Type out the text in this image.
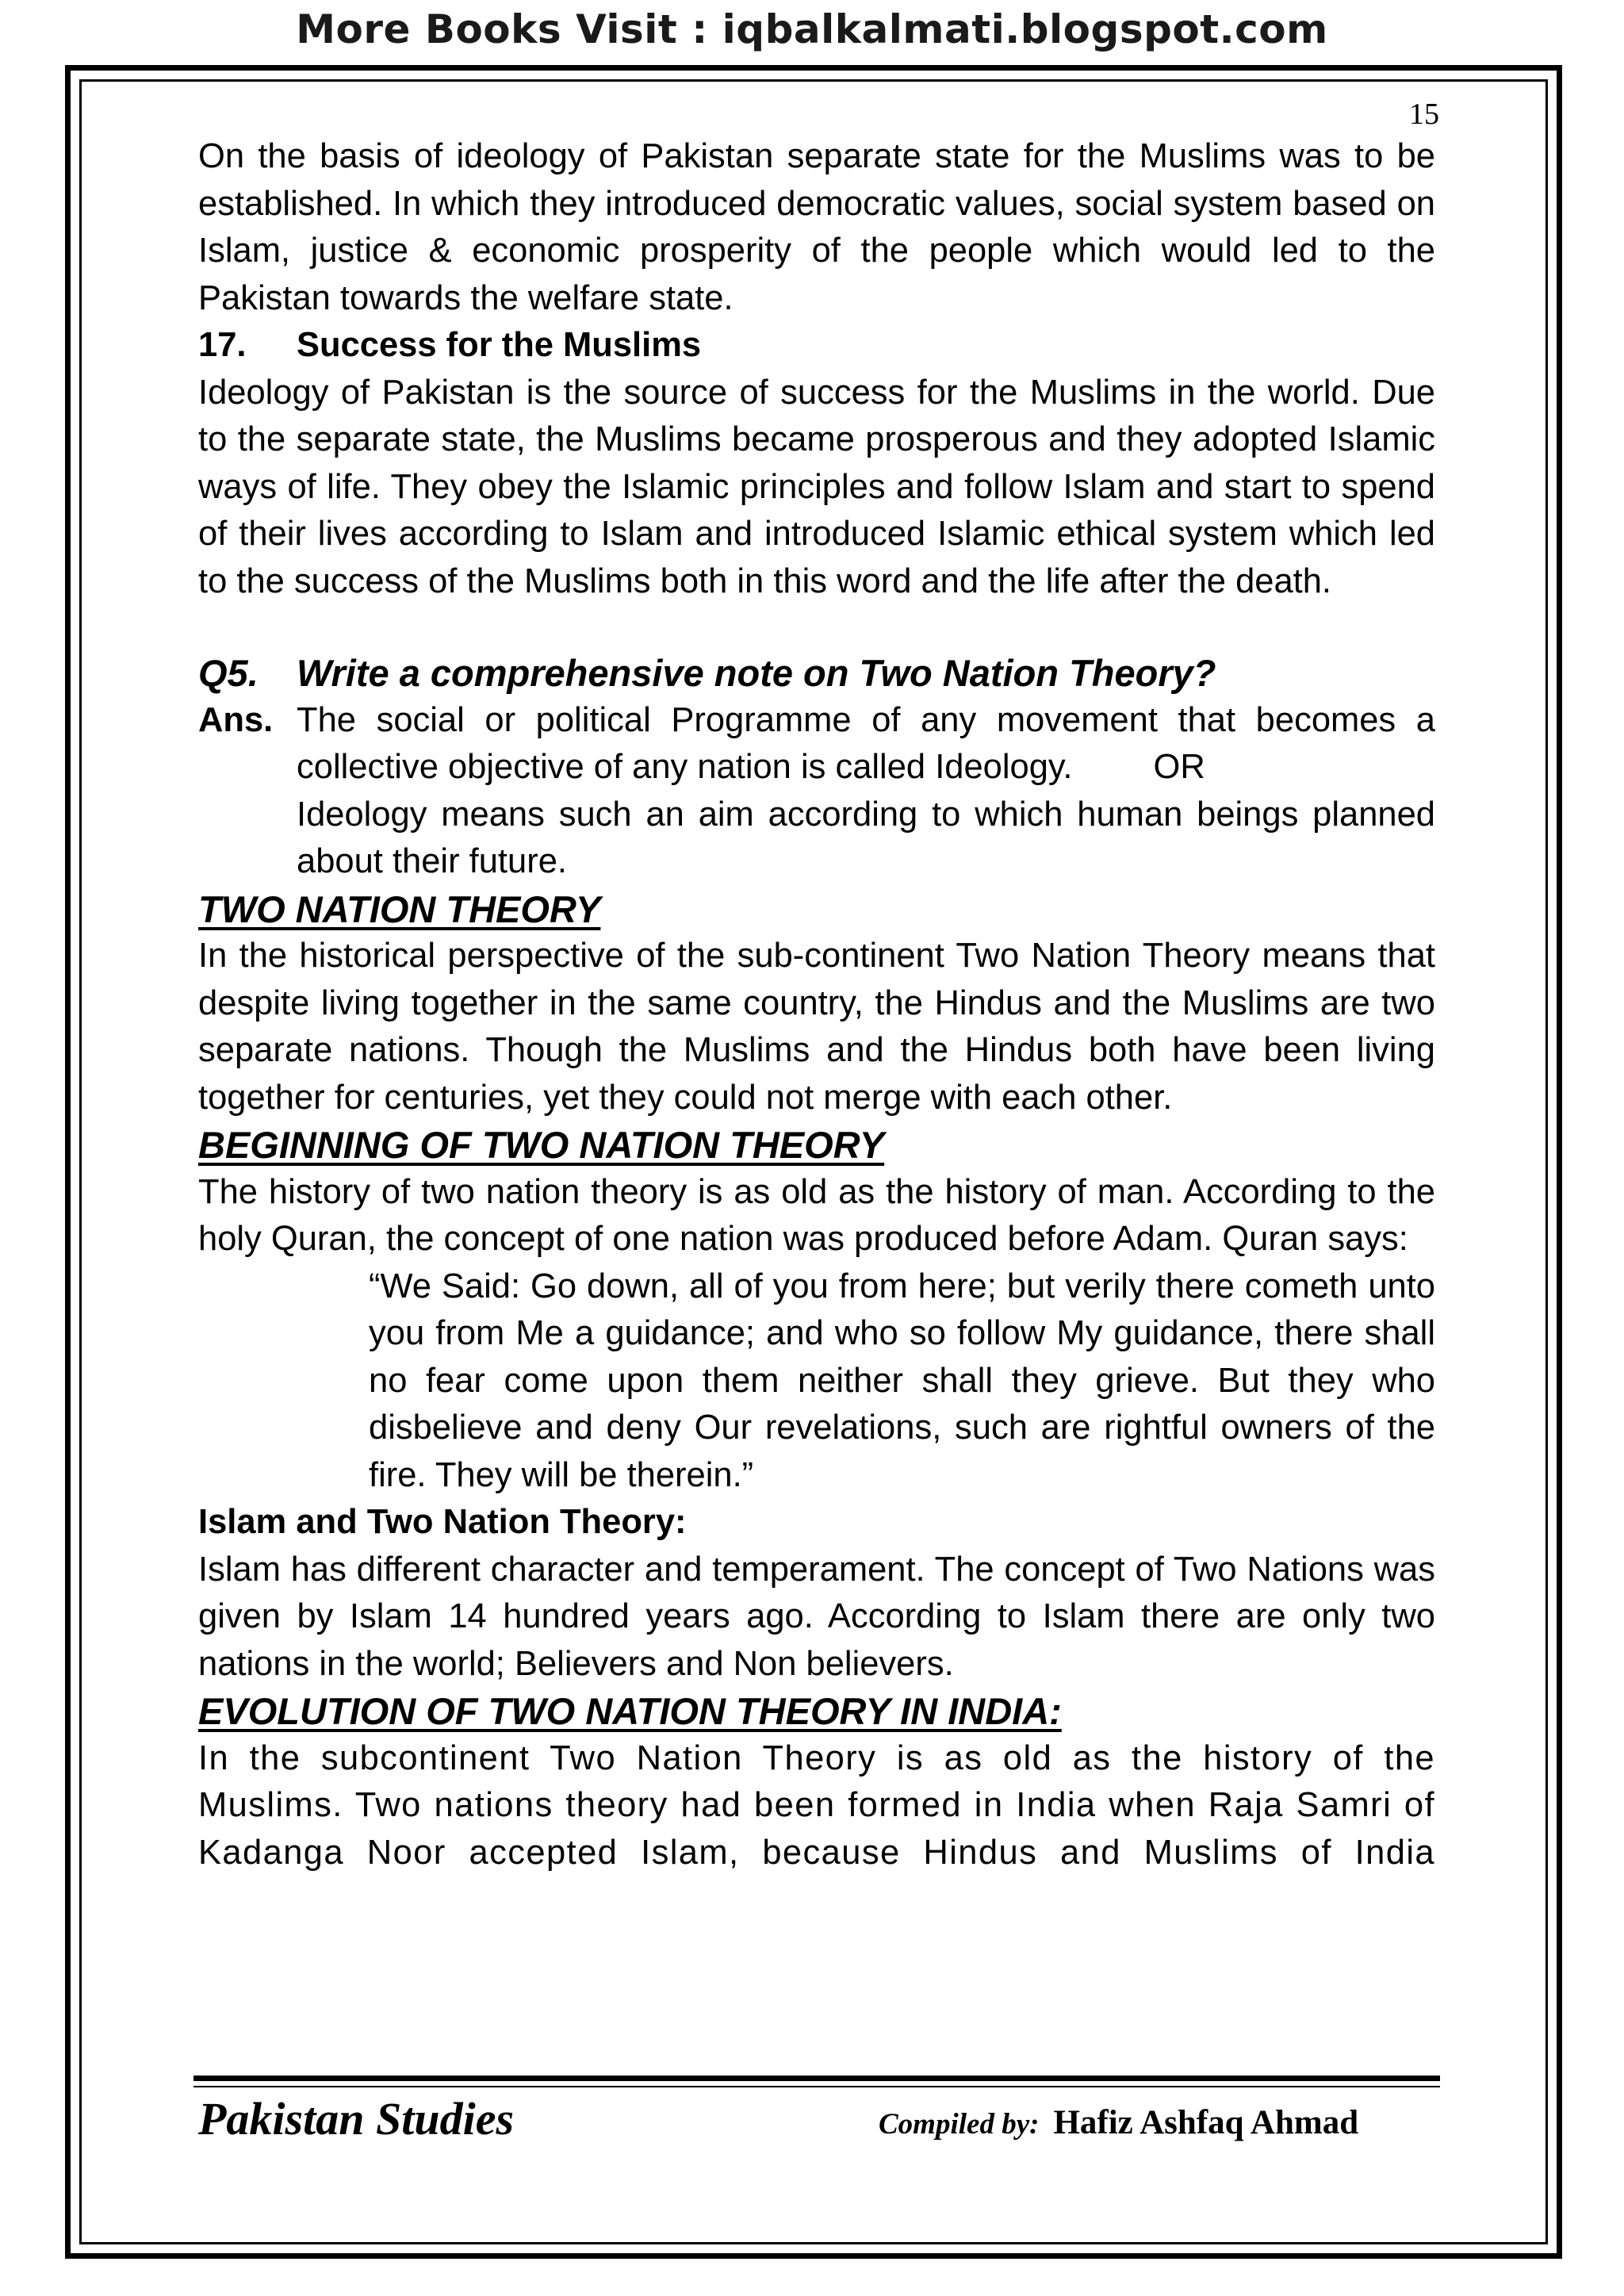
More Books Visit : iqbalkalmati.blogspot.com
15

On the basis of ideology of Pakistan separate state for the Muslims was to be established. In which they introduced democratic values, social system based on Islam, justice & economic prosperity of the people which would led to the Pakistan towards the welfare state.

17.	Success for the Muslims

Ideology of Pakistan is the source of success for the Muslims in the world. Due to the separate state, the Muslims became prosperous and they adopted Islamic ways of life. They obey the Islamic principles and follow Islam and start to spend of their lives according to Islam and introduced Islamic ethical system which led to the success of the Muslims both in this word and the life after the death.

Q5.	Write a comprehensive note on Two Nation Theory?
Ans. The social or political Programme of any movement that becomes a collective objective of any nation is called Ideology. OR

Ideology means such an aim according to which human beings planned about their future.

TWO NATION THEORY

In the historical perspective of the sub-continent Two Nation Theory means that despite living together in the same country, the Hindus and the Muslims are two separate nations. Though the Muslims and the Hindus both have been living together for centuries, yet they could not merge with each other.

BEGINNING OF TWO NATION THEORY

The history of two nation theory is as old as the history of man. According to the holy Quran, the concept of one nation was produced before Adam. Quran says:

“We Said: Go down, all of you from here; but verily there cometh unto you from Me a guidance; and who so follow My guidance, there shall no fear come upon them neither shall they grieve. But they who disbelieve and deny Our revelations, such are rightful owners of the fire. They will be therein.”

Islam and Two Nation Theory:

Islam has different character and temperament. The concept of Two Nations was given by Islam 14 hundred years ago. According to Islam there are only two nations in the world; Believers and Non believers.

EVOLUTION OF TWO NATION THEORY IN INDIA:

In the subcontinent Two Nation Theory is as old as the history of the Muslims. Two nations theory had been formed in India when Raja Samri of Kadanga Noor accepted Islam, because Hindus and Muslims of India

Pakistan Studies	Compiled by: Hafiz Ashfaq Ahmad
